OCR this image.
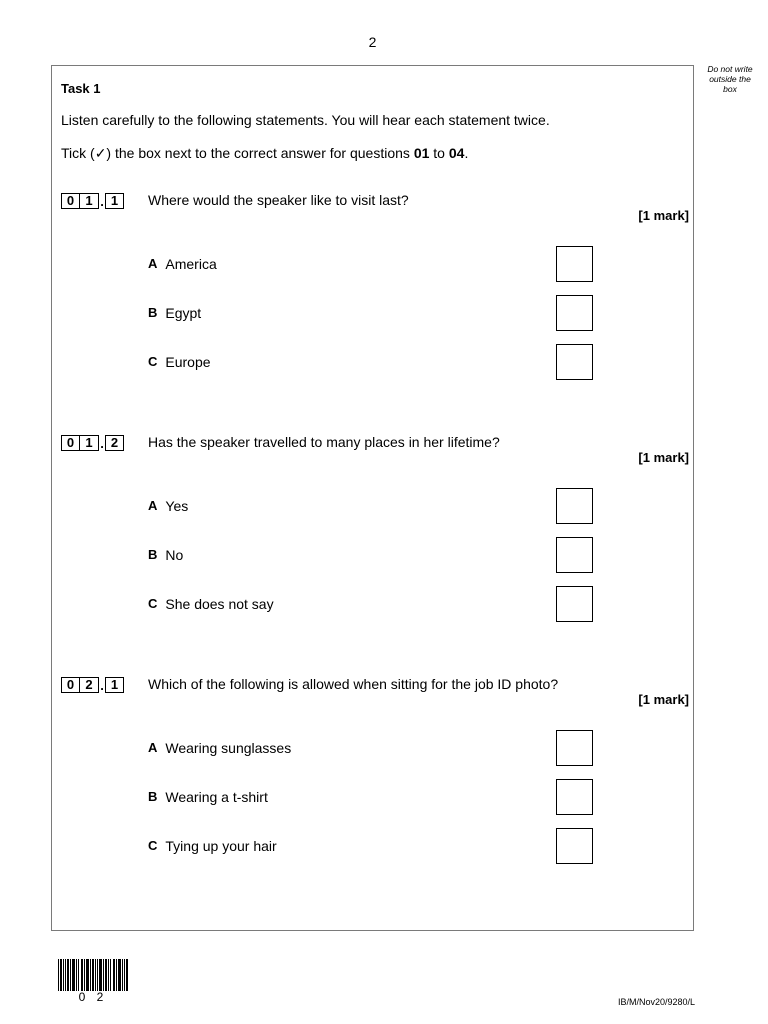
2
Do not write
outside the
box
Task 1
Listen carefully to the following statements. You will hear each statement twice.
Tick (✓) the box next to the correct answer for questions 01 to 04.
0 1 . 1	Where would the speaker like to visit last?
[1 mark]
A America
B Egypt
C Europe
0 1 . 2	Has the speaker travelled to many places in her lifetime?
[1 mark]
A Yes
B No
C She does not say
0 2 . 1	Which of the following is allowed when sitting for the job ID photo?
[1 mark]
A Wearing sunglasses
B Wearing a t-shirt
C Tying up your hair
0 2	IB/M/Nov20/9280/L
